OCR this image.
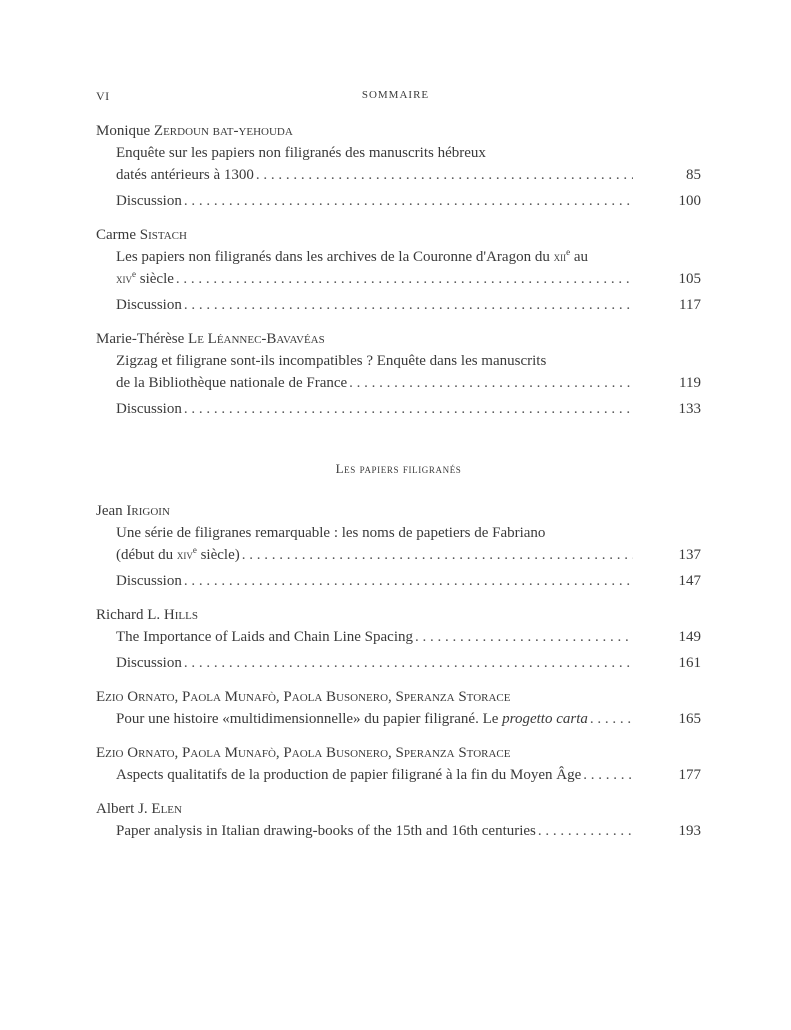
VI	SOMMAIRE
Monique Zerdoun bat-yehouda
Enquête sur les papiers non filigranés des manuscrits hébreux
datés antérieurs à 1300 . . .	85
Discussion . . .	100
Carme Sistach
Les papiers non filigranés dans les archives de la Couronne d'Aragon du xii$^e$ au
xiv$^e$ siècle . . .	105
Discussion . . .	117
Marie-Thérèse Le Léannec-Bavavéas
Zigzag et filigrane sont-ils incompatibles ? Enquête dans les manuscrits
de la Bibliothèque nationale de France . . .	119
Discussion . . .	133
Les papiers filigranés
Jean Irigoin
Une série de filigranes remarquable : les noms de papetiers de Fabriano
(début du xiv$^e$ siècle) . . .	137
Discussion . . .	147
Richard L. Hills
The Importance of Laids and Chain Line Spacing . . .	149
Discussion . . .	161
Ezio Ornato, Paola Munafò, Paola Busonero, Speranza Storace
Pour une histoire «multidimensionnelle» du papier filigrané. Le progetto carta . . .	165
Ezio Ornato, Paola Munafò, Paola Busonero, Speranza Storace
Aspects qualitatifs de la production de papier filigrané à la fin du Moyen Âge . . .	177
Albert J. Elen
Paper analysis in Italian drawing-books of the 15th and 16th centuries . . .	193
